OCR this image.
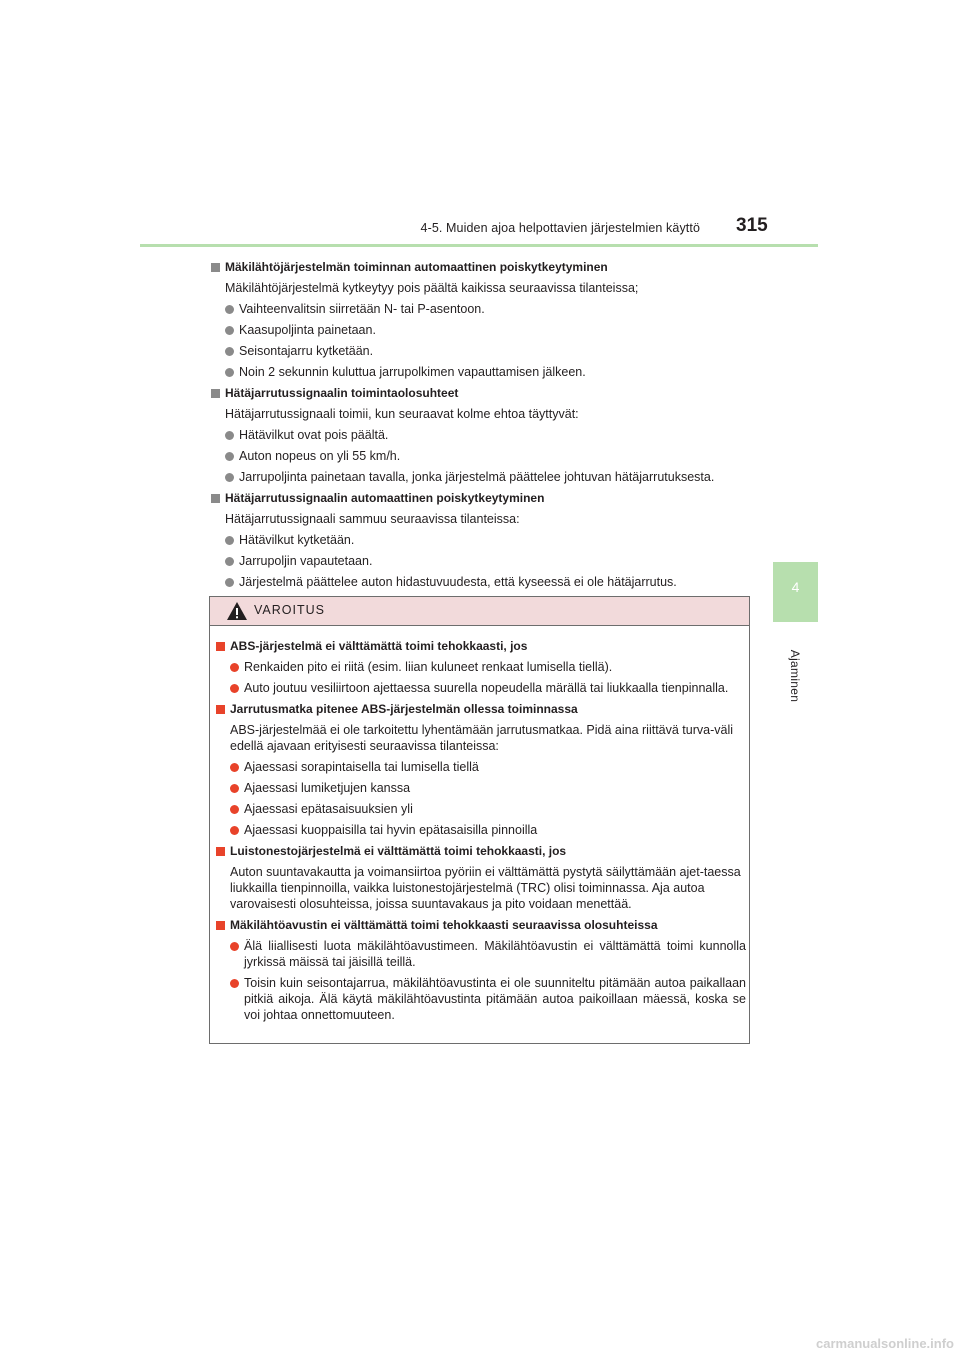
4-5. Muiden ajoa helpottavien järjestelmien käyttö 315
4
Ajaminen
Mäkilähtöjärjestelmän toiminnan automaattinen poiskytkeytyminen
Mäkilähtöjärjestelmä kytkeytyy pois päältä kaikissa seuraavissa tilanteissa;
Vaihteenvalitsin siirretään N- tai P-asentoon.
Kaasupoljinta painetaan.
Seisontajarru kytketään.
Noin 2 sekunnin kuluttua jarrupolkimen vapauttamisen jälkeen.
Hätäjarrutussignaalin toimintaolosuhteet
Hätäjarrutussignaali toimii, kun seuraavat kolme ehtoa täyttyvät:
Hätävilkut ovat pois päältä.
Auton nopeus on yli 55 km/h.
Jarrupoljinta painetaan tavalla, jonka järjestelmä päättelee johtuvan hätäjarrutuksesta.
Hätäjarrutussignaalin automaattinen poiskytkeytyminen
Hätäjarrutussignaali sammuu seuraavissa tilanteissa:
Hätävilkut kytketään.
Jarrupoljin vapautetaan.
Järjestelmä päättelee auton hidastuvuudesta, että kyseessä ei ole hätäjarrutus.
VAROITUS
ABS-järjestelmä ei välttämättä toimi tehokkaasti, jos
Renkaiden pito ei riitä (esim. liian kuluneet renkaat lumisella tiellä).
Auto joutuu vesiliirtoon ajettaessa suurella nopeudella märällä tai liukkaalla tienpinnalla.
Jarrutusmatka pitenee ABS-järjestelmän ollessa toiminnassa
ABS-järjestelmää ei ole tarkoitettu lyhentämään jarrutusmatkaa. Pidä aina riittävä turva-väli edellä ajavaan erityisesti seuraavissa tilanteissa:
Ajaessasi sorapintaisella tai lumisella tiellä
Ajaessasi lumiketjujen kanssa
Ajaessasi epätasaisuuksien yli
Ajaessasi kuoppaisilla tai hyvin epätasaisilla pinnoilla
Luistonestojärjestelmä ei välttämättä toimi tehokkaasti, jos
Auton suuntavakautta ja voimansiirtoa pyöriin ei välttämättä pystytä säilyttämään ajet-taessa liukkailla tienpinnoilla, vaikka luistonestojärjestelmä (TRC) olisi toiminnassa. Aja autoa varovaisesti olosuhteissa, joissa suuntavakaus ja pito voidaan menettää.
Mäkilähtöavustin ei välttämättä toimi tehokkaasti seuraavissa olosuhteissa
Älä liiallisesti luota mäkilähtöavustimeen. Mäkilähtöavustin ei välttämättä toimi kunnolla jyrkissä mäissä tai jäisillä teillä.
Toisin kuin seisontajarrua, mäkilähtöavustinta ei ole suunniteltu pitämään autoa paikallaan pitkiä aikoja. Älä käytä mäkilähtöavustinta pitämään autoa paikoillaan mäessä, koska se voi johtaa onnettomuuteen.
carmanualsonline.info
